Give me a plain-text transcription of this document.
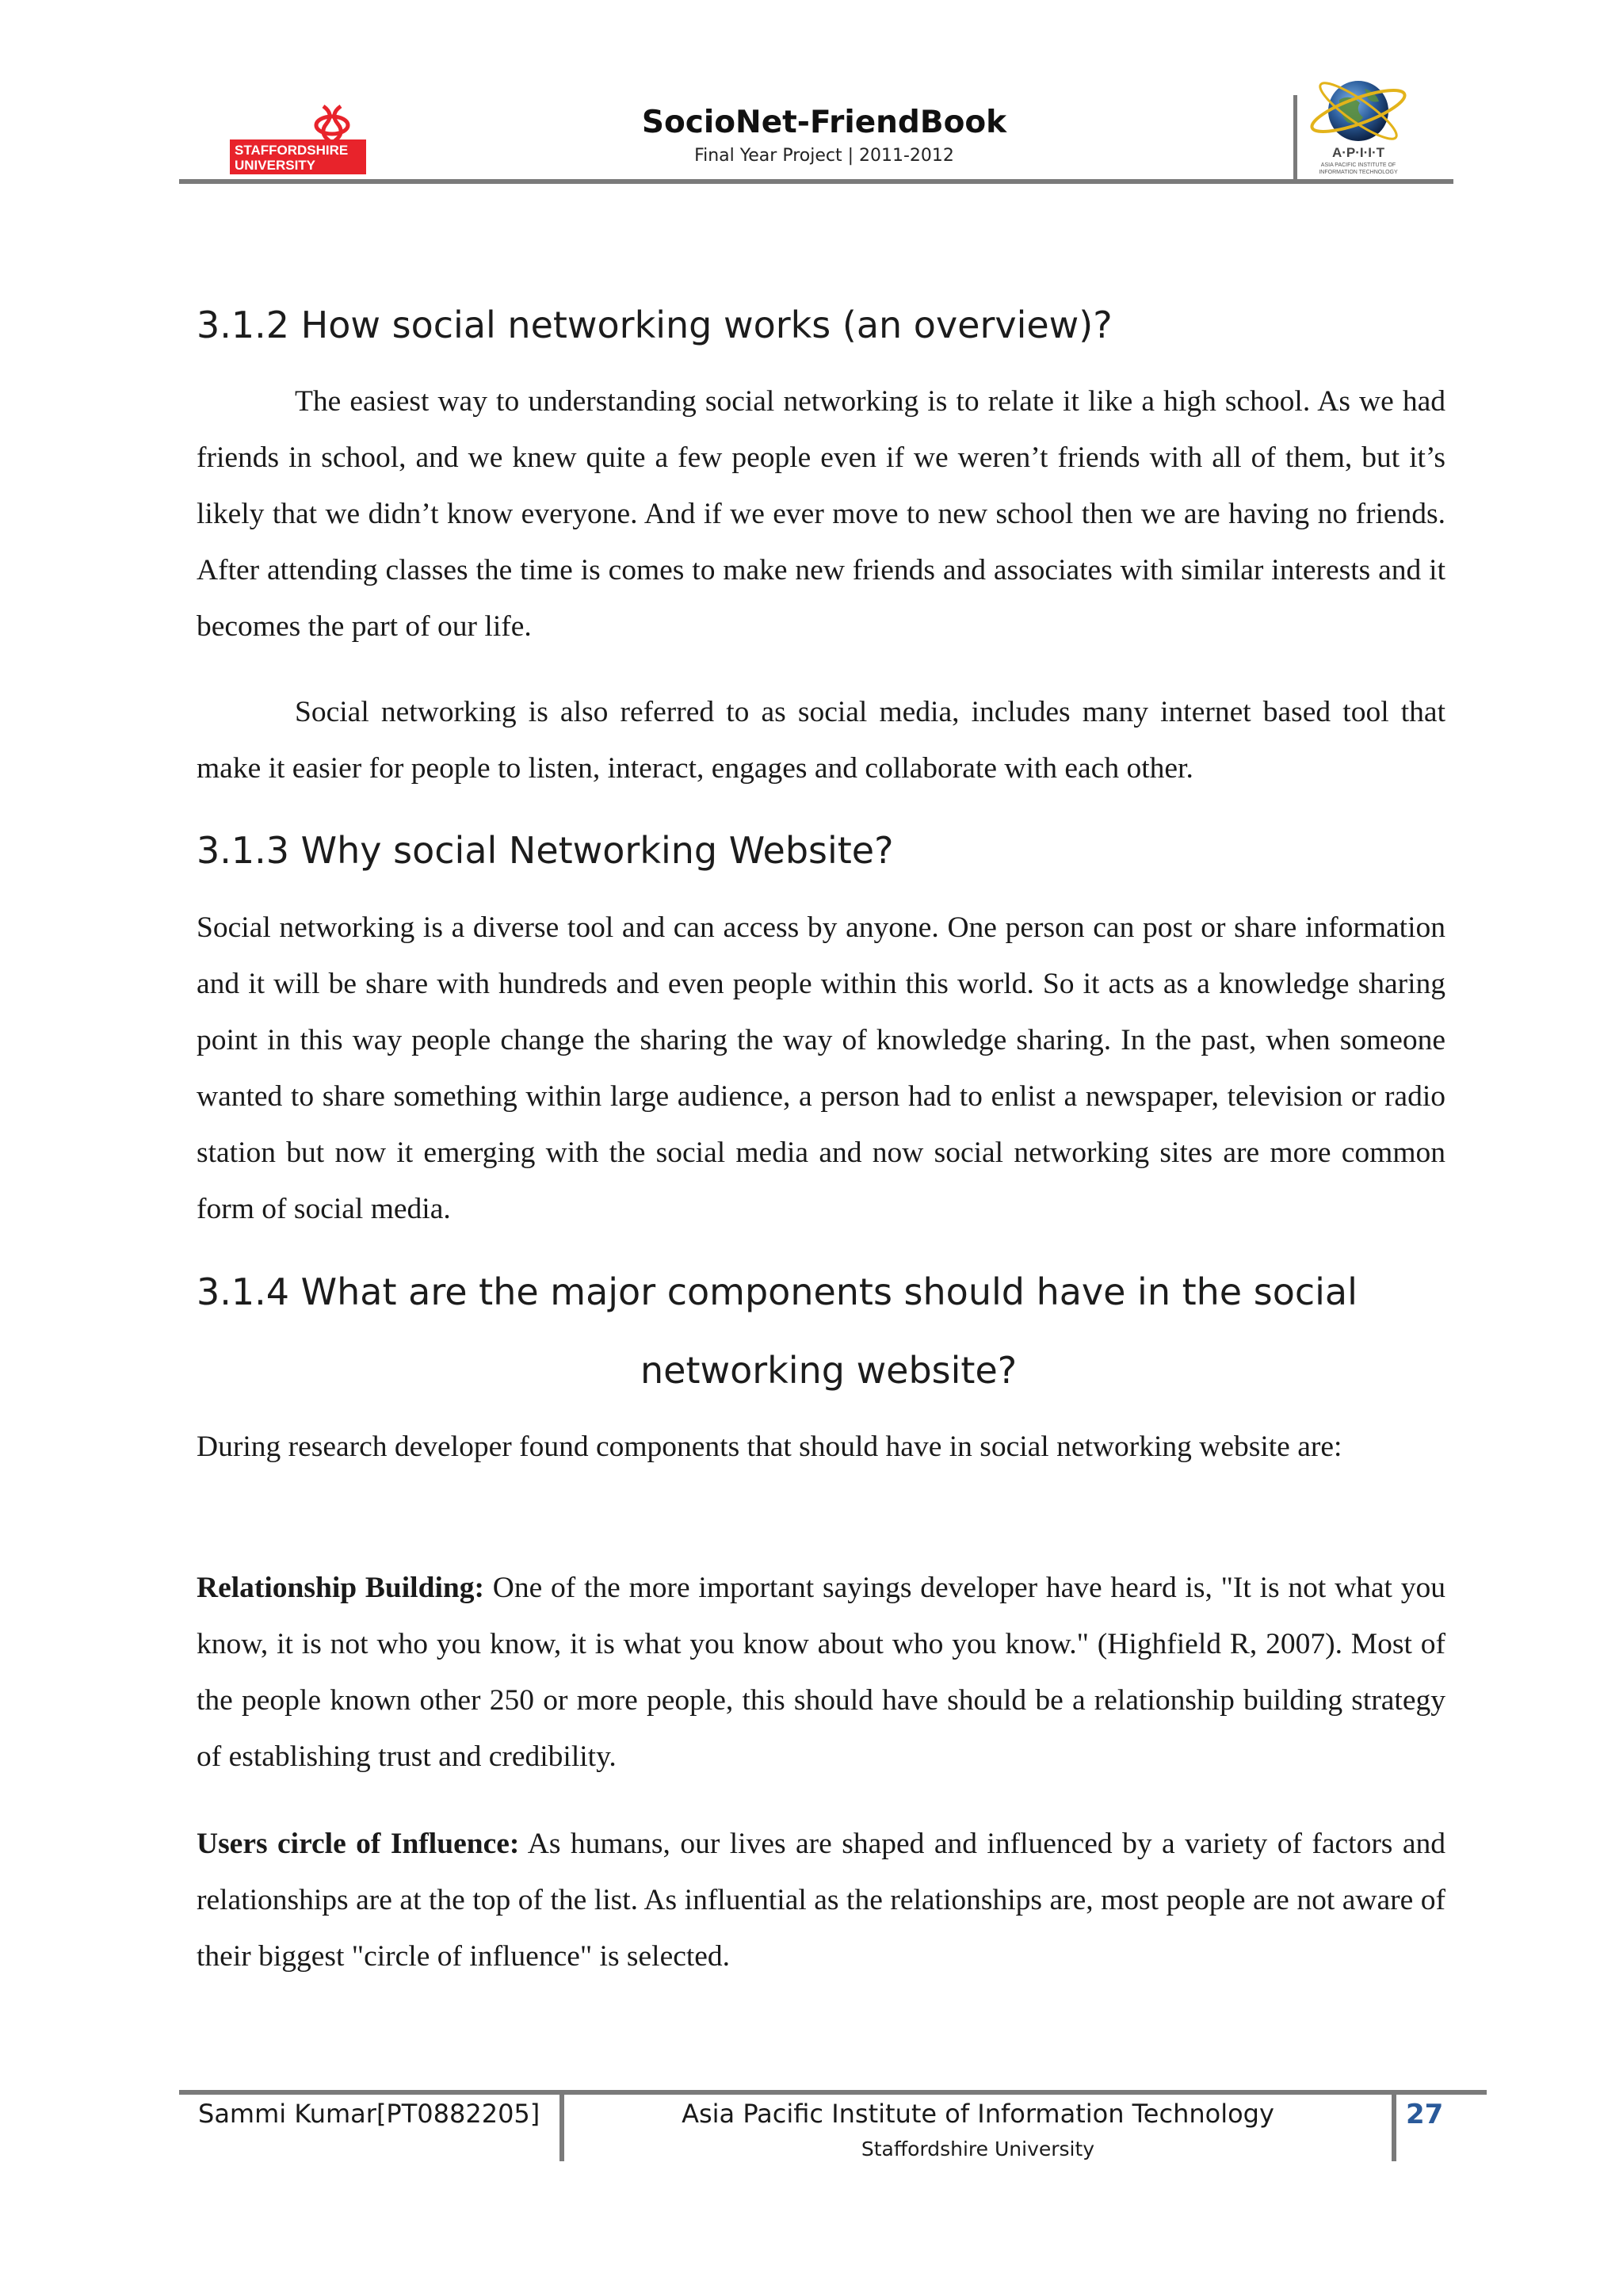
STAFFORDSHIRE
UNIVERSITY
SocioNet-FriendBook
Final Year Project | 2011-2012	A·P·I·I·T
ASIA PACIFIC INSTITUTE OF
INFORMATION TECHNOLOGY
3.1.2 How social networking works (an overview)?

The easiest way to understanding social networking is to relate it like a high school. As we had friends in school, and we knew quite a few people even if we weren’t friends with all of them, but it’s likely that we didn’t know everyone. And if we ever move to new school then we are having no friends. After attending classes the time is comes to make new friends and associates with similar interests and it becomes the part of our life.

Social networking is also referred to as social media, includes many internet based tool that make it easier for people to listen, interact, engages and collaborate with each other.

3.1.3 Why social Networking Website?

Social networking is a diverse tool and can access by anyone. One person can post or share information and it will be share with hundreds and even people within this world. So it acts as a knowledge sharing point in this way people change the sharing the way of knowledge sharing. In the past, when someone wanted to share something within large audience, a person had to enlist a newspaper, television or radio station but now it emerging with the social media and now social networking sites are more common form of social media.

3.1.4 What are the major components should have in the social
networking website?

During research developer found components that should have in social networking website are:

Relationship Building: One of the more important sayings developer have heard is, "It is not what you know, it is not who you know, it is what you know about who you know." (Highfield R, 2007). Most of the people known other 250 or more people, this should have should be a relationship building strategy of establishing trust and credibility.

Users circle of Influence: As humans, our lives are shaped and influenced by a variety of factors and relationships are at the top of the list. As influential as the relationships are, most people are not aware of their biggest "circle of influence" is selected.

Sammi Kumar[PT0882205]	Asia Pacific Institute of Information Technology
Staffordshire University
27
